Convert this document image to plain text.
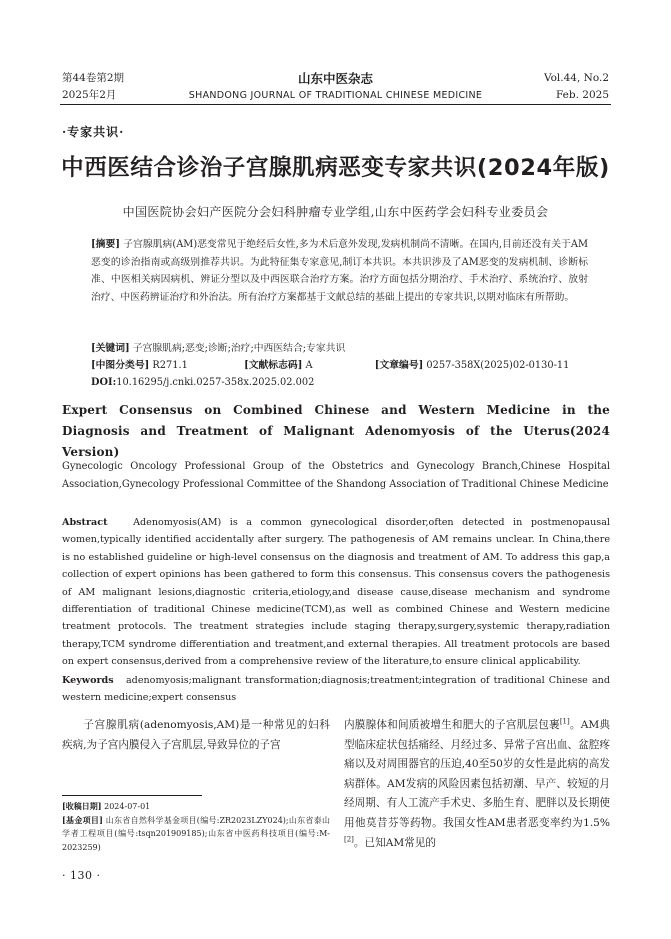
第44卷第2期
2025年2月
山东中医杂志
SHANDONG JOURNAL OF TRADITIONAL CHINESE MEDICINE
Vol.44, No.2
Feb. 2025
·专家共识·
中西医结合诊治子宫腺肌病恶变专家共识(2024年版)
中国医院协会妇产医院分会妇科肿瘤专业学组,山东中医药学会妇科专业委员会
[摘要] 子宫腺肌病(AM)恶变常见于绝经后女性,多为术后意外发现,发病机制尚不清晰。在国内,目前还没有关于AM恶变的诊治指南或高级别推荐共识。为此特征集专家意见,制订本共识。本共识涉及了AM恶变的发病机制、诊断标准、中医相关病因病机、辨证分型以及中西医联合治疗方案。治疗方面包括分期治疗、手术治疗、系统治疗、放射治疗、中医药辨证治疗和外治法。所有治疗方案都基于文献总结的基础上提出的专家共识,以期对临床有所帮助。
[关键词] 子宫腺肌病;恶变;诊断;治疗;中西医结合;专家共识
[中图分类号] R271.1	[文献标志码] A	[文章编号] 0257-358X(2025)02-0130-11
DOI:10.16295/j.cnki.0257-358x.2025.02.002
Expert Consensus on Combined Chinese and Western Medicine in the Diagnosis and Treatment of Malignant Adenomyosis of the Uterus(2024 Version)
Gynecologic Oncology Professional Group of the Obstetrics and Gynecology Branch,Chinese Hospital Association,Gynecology Professional Committee of the Shandong Association of Traditional Chinese Medicine
Abstract	Adenomyosis(AM) is a common gynecological disorder,often detected in postmenopausal women,typically identified accidentally after surgery. The pathogenesis of AM remains unclear. In China,there is no established guideline or high-level consensus on the diagnosis and treatment of AM. To address this gap,a collection of expert opinions has been gathered to form this consensus. This consensus covers the pathogenesis of AM malignant lesions,diagnostic criteria,etiology,and disease cause,disease mechanism and syndrome differentiation of traditional Chinese medicine(TCM),as well as combined Chinese and Western medicine treatment protocols. The treatment strategies include staging therapy,surgery,systemic therapy,radiation therapy,TCM syndrome differentiation and treatment,and external therapies. All treatment protocols are based on expert consensus,derived from a comprehensive review of the literature,to ensure clinical applicability.
Keywords adenomyosis;malignant transformation;diagnosis;treatment;integration of traditional Chinese and western medicine;expert consensus
子宫腺肌病(adenomyosis,AM)是一种常见的妇科疾病,为子宫内膜侵入子宫肌层,导致异位的子宫
内膜腺体和间质被增生和肥大的子宫肌层包裹[1]。AM典型临床症状包括痛经、月经过多、异常子宫出血、盆腔疼痛以及对周围器官的压迫,40至50岁的女性是此病的高发病群体。AM发病的风险因素包括初潮、早产、较短的月经周期、有人工流产手术史、多胎生育、肥胖以及长期使用他莫昔芬等药物。我国女性AM患者恶变率约为1.5%[2]。已知AM常见的
[收稿日期] 2024-07-01
[基金项目] 山东省自然科学基金项目(编号:ZR2023LZY024);山东省泰山学者工程项目(编号:tsqn201909185);山东省中医药科技项目(编号:M-2023259)
· 130 ·
